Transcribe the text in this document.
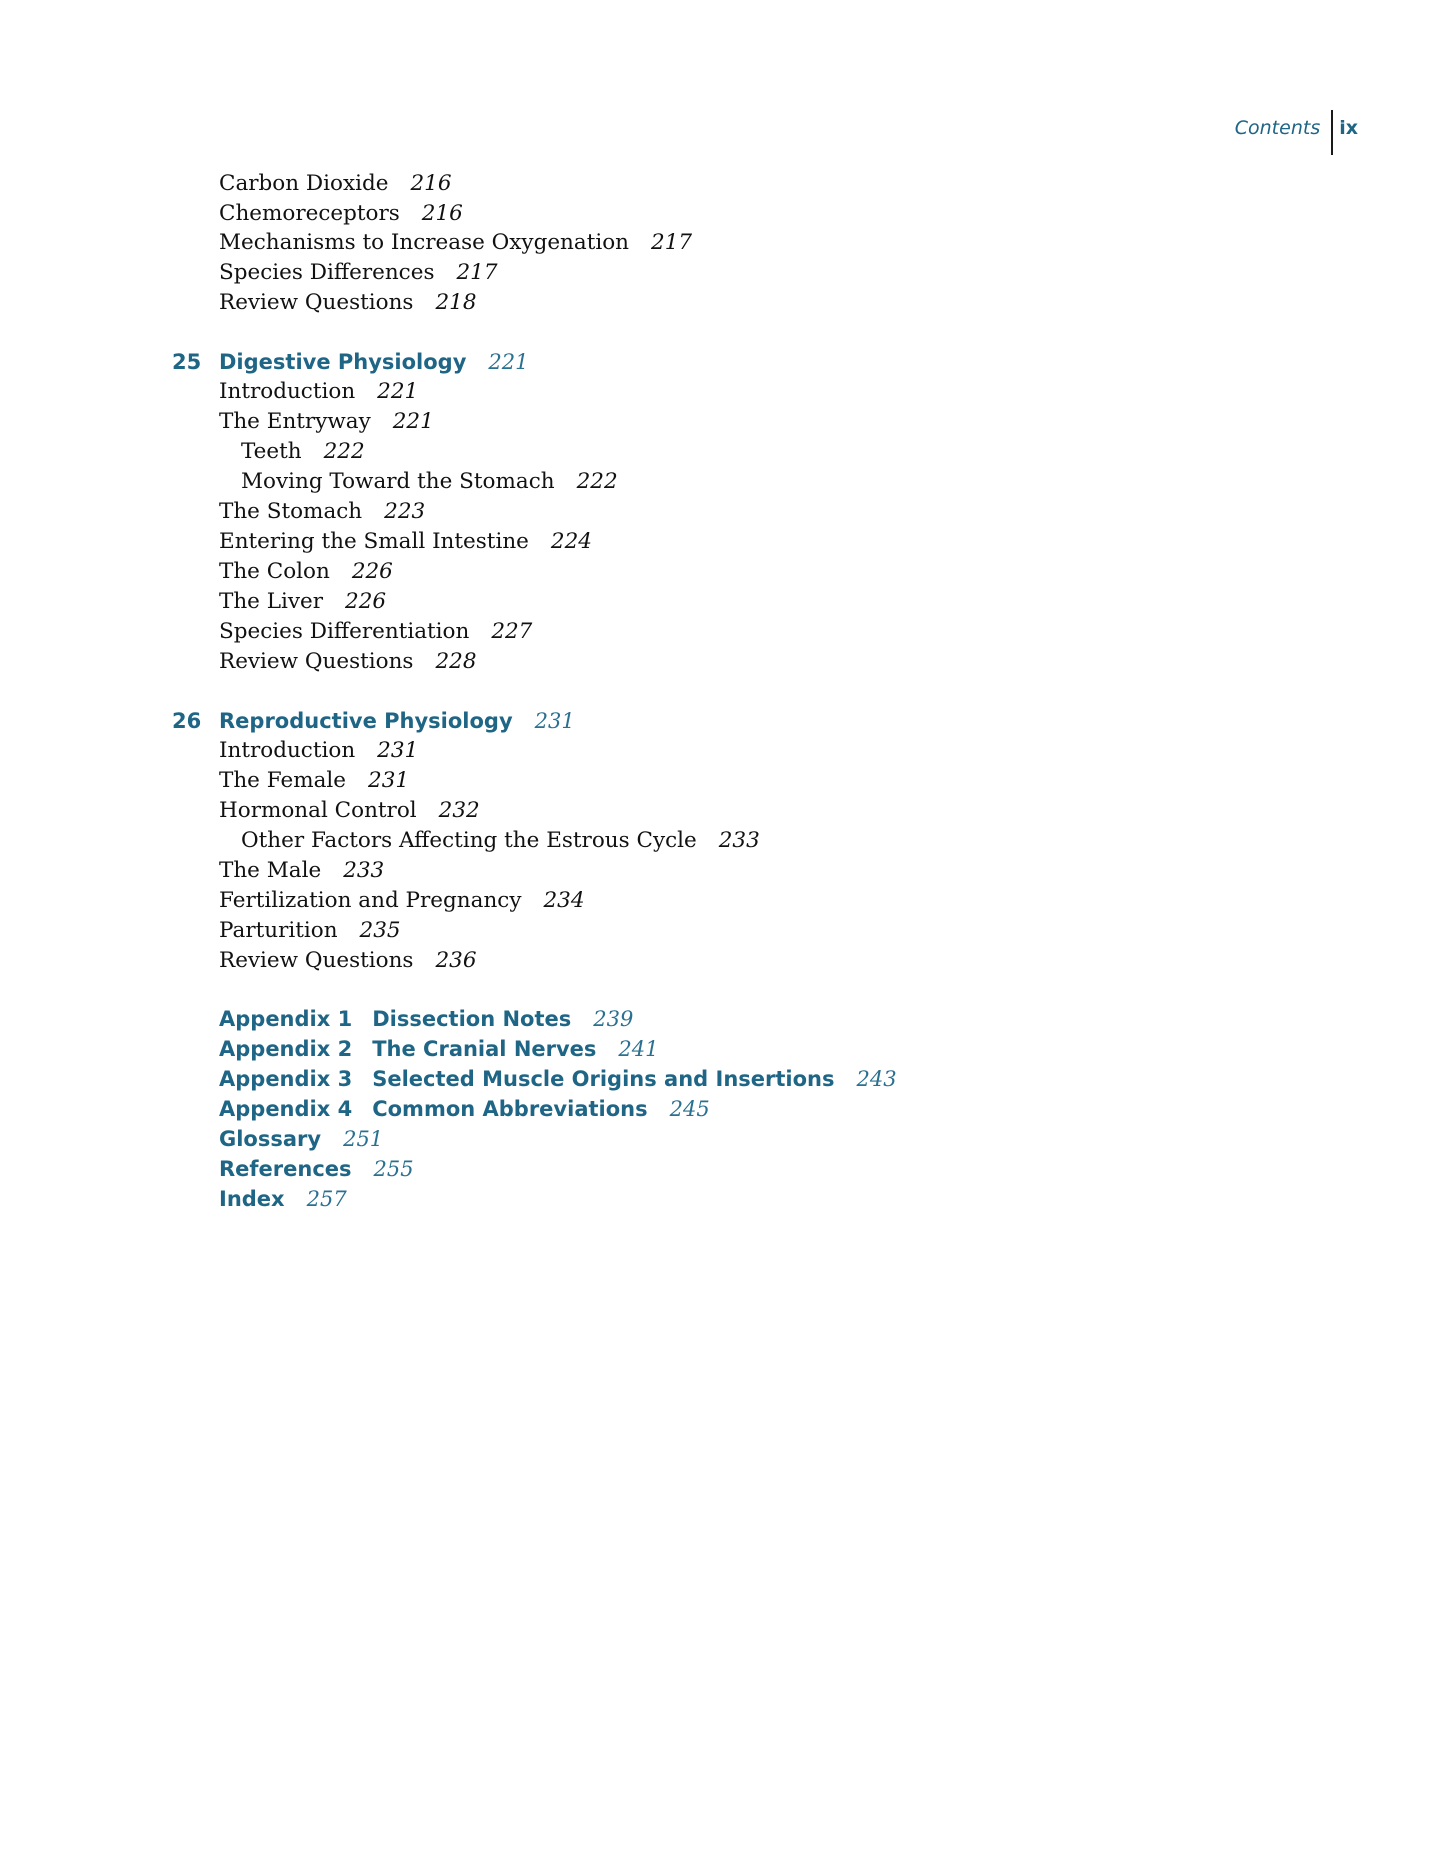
Contents	ix
Carbon Dioxide 216
Chemoreceptors 216
Mechanisms to Increase Oxygenation 217
Species Differences 217
Review Questions 218
25 Digestive Physiology 221
Introduction 221
The Entryway 221
Teeth 222
Moving Toward the Stomach 222
The Stomach 223
Entering the Small Intestine 224
The Colon 226
The Liver 226
Species Differentiation 227
Review Questions 228
26 Reproductive Physiology 231
Introduction 231
The Female 231
Hormonal Control 232
Other Factors Affecting the Estrous Cycle 233
The Male 233
Fertilization and Pregnancy 234
Parturition 235
Review Questions 236
Appendix 1 Dissection Notes 239
Appendix 2 The Cranial Nerves 241
Appendix 3 Selected Muscle Origins and Insertions 243
Appendix 4 Common Abbreviations 245
Glossary 251
References 255
Index 257
